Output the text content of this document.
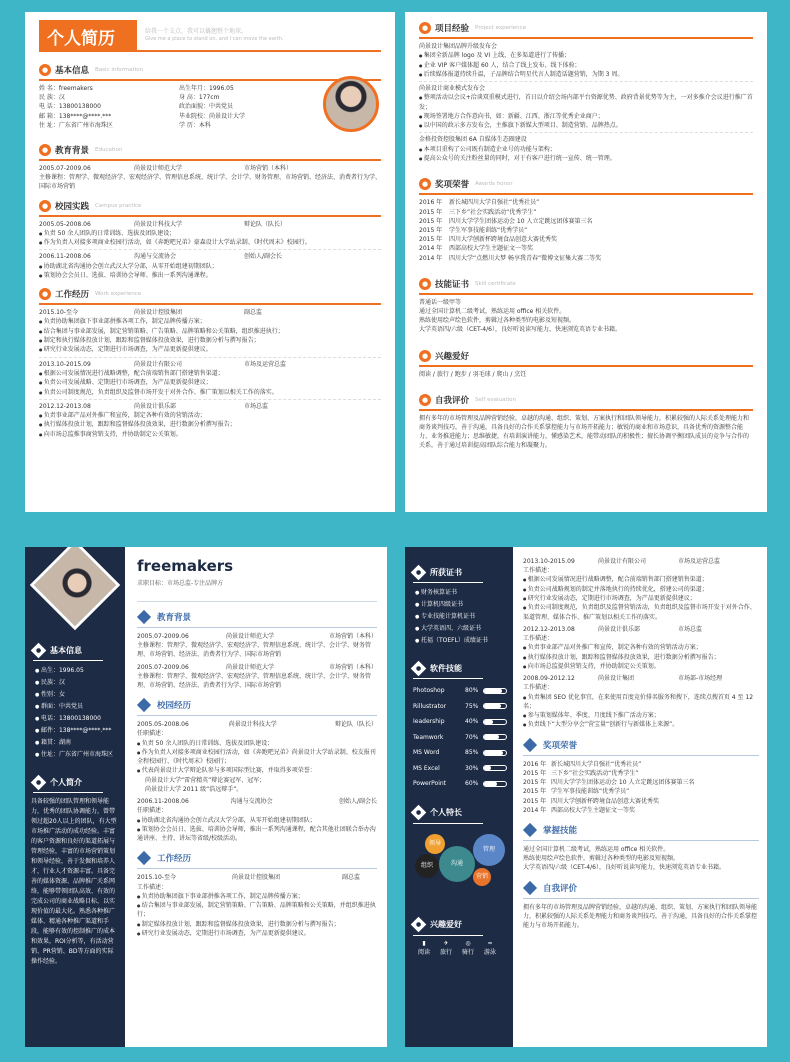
个人简历	给我一个支点，我可以撬翘整个地球。
Give me a place to stand on, and I can move the earth.
● 基本信息 Basic information
姓 名：freemakers
民 族：汉
电 话：13800138000
邮 箱：138****@****.***
住 址：广东省广州市海珠区
出生年月：1996.05
身 高：177cm
政治面貌：中共党员
毕业院校：尚景设计大学
学 历：本科
● 教育背景 Education
2005.07-2009.06	尚景设计师范大学	市场营销（本科）
主修课程：管理学、微观经济学、宏观经济学、管理信息系统、统计学、会计学、财务管理、市场营销、经济法、消费者行为学、国际市场营销
● 校园实践 Campus practice
2005.05-2008.06	尚景设计科技大学	辩论队（队长）
● 负责 50 余人团队的日常训练、选拔及团队建设；
● 作为负责人对接多项商业校园行活动，如《奔跑吧兄弟》豪森设计大学站录制、《时代周末》校园行。
2006.11-2008.06	沟通与交流协会	创始人/副会长
● 协助湖北省沟通协会创立武汉大学分部，从零开始组建初期团队；
● 策划协会会员日、选拔、培训协会导师、推出一系列沟通课程。
● 工作经历 Work experience
2015.10-至今	尚景设计控股集团	副总监
● 负责协助集团旗下事业部拼推各项工作，制定品牌传播方案；
● 结合集团与事业部发展，制定营销策略、广告策略、品牌策略和公关策略，组织推进执行；
● 制定和执行媒体投放计划，跟踪和监督媒体投放效果，进行数据分析与撰写报告；
● 研究行业发展动态，定期进行市场调查，为产品更新提供建议。
2013.10-2015.09	尚景设计有限公司	市场及运营总监
● 根据公司发展情况进行战略调整，配合前端销售部门搭建销售渠道；
● 负责公司发展战略、定期进行市场调查，为产品更新提供建议；
● 负责公司制度规范，负责组织及监督市场开发于对外合作、推广策划以相关工作的落实。
2012.12-2013.08	尚景设计俱乐部	市场总监
● 负责事业部产品对外推广和宣传，制定各种有效的营销活动；
● 执行媒体投放计划，跟踪和监督媒体投放效果，进行数据分析撰写报告；
● 向市场总监推事商营销支持，并协助制定公关策划。
● 项目经验 Project experience
尚景设计集团品牌升级发布会
● 集团全新品牌 logo 及 VI 上线，在多渠道进行了传播；
● 企业 VIP 客户媒体超 60 人，结合了线上发布、线下体验；
● 后续媒体报道持续升温，子品牌结合明星代言人制造话题营销，为期 3 周。
尚景设计商业模式发布会
● 整项活动以会议+洽谈双重模式进行，首日以介绍会场内部平台资源优势、政府背景优势等为主，一对多推介会议进行推广首发；
● 现场签署地方合作意向书，如：新疆、江西、浙江等优秀企业商户；
● 以中国的政示多方发布会，主推旗下新媒大型项目、制造营销、品牌热点。
金格投资控股集团 6A 自媒体生态圈建设
● 本项目重构了公司既有制造企业号的功能与架构；
● 提高公众号的关注粉丝量的同时，对于有客户进行统一宣传、统一管理。
● 奖项荣誉 Awards honor
2016 年	新长城四川大学自强社“优秀社员”
2015 年	三下乡”社会实践活动“优秀学生”
2015 年	四川大学学生团体运动会 10 人立定跳远团体赛第三名
2015 年	学生军事技能训练“优秀学员”
2015 年	四川大学刨新杯跨境食品创意大赛优秀奖
2014 年	西部高校大学生主题征文一等奖
2014 年	四川大学“点燃川大梦 畅享我青春”微博文征集大赛二等奖
● 技能证书 Skill certificate
普通话一级甲等
通过全国计算机二级考试，熟练运用 office 相关软件。
熟练使用绘声绘色软件，剪辑过各种类型的电影及短视频。
大学英语四/六级（CET-4/6），良好听说读写能力，快速浏览英语专业书籍。
● 兴趣爱好
阅读 / 旅行 / 跑步 / 羽毛球 / 爬山 / 烹饪
● 自我评价 Self evaluation
拥有多年的市场管理及品牌营销经验，卓越的沟通、组织、策划、方案执行和团队领导能力，积累较强的人际关系处理能力和商务谈判技巧，善于沟通，具备良好的合作关系掌控能力与市场开拓能力；敏锐的商业和市场意识，具备优秀的资源整合能力、业务推进能力；思维敏捷，有培训演讲能力，懂感染艺术，能带动团队的积极性；擅长协调平衡团队成员的竞争与合作的关系，善于通过培训提高团队综合能力和凝聚力。
● 基本信息
● 出生：1996.05
● 民族：汉
● 性别：女
● 群面：中共党员
● 电话：13800138000
● 邮件：138****@****.***
● 籍贯：湖南
● 住址：广东省广州市海珠区
● 个人简介
具备较强的团队管理和领导能力，优秀的团队协调能力，曾带领过超20人以上的团队，有大型市场推广活动的成功经验。丰富的客户资源和良好的渠道拓展与管理经验，丰富的市场营销策划和领导经验，善于发掘和培养人才，行业人才资源丰富。具备完善的媒体资源、品牌推广关系网络，能够带领团队高效、有效的完成公司的商业战略目标，以实现价值的最大化。熟悉各种推广媒体、精通各种推广渠道和手段，能够有效的控制推广的成本和效果，ROI分析等，有活动营销、PR营销、BD等方面的实际操作经验。
freemakers
求职目标：市场总监-专注品牌方
教育背景
2005.07-2009.06	尚景设计师范大学	市场营销（本科）
主修课程：管理学、微观经济学、宏观经济学、管理信息系统、统计学、会计学、财务管理、市场营销、经济法、消费者行为学、国际市场营销
2005.07-2009.06	尚景设计师范大学	市场营销（本科）
主修课程：管理学、微观经济学、宏观经济学、管理信息系统、统计学、会计学、财务管理、市场营销、经济法、消费者行为学、国际市场营销
校园经历
2005.05-2008.06	尚景设计科技大学	辩论队（队长）
任职描述：
● 负责 50 余人团队的日常训练、选拔及团队建设；
● 作为负责人对接多项商业校园行活动，如《奔跑吧兄弟》尚景设计大学站录制、校友报刊全程校园行、《时代周末》校园行；
● 代表尚景设计大学辩论队参与多项国际型比赛，并取得多项荣誉：
尚景设计大学“雷营精英”辩论赛冠军、冠军；
尚景设计大学 2011 级“浩远辩手”。
2006.11-2008.06	沟通与交流协会	创始人/副会长
任职描述：
● 协助湖北省沟通协会创立武汉大学分部，从零开始组建初期团队；
● 策划协会会员日、选拔、培训协会导师，推出一系列沟通课程，配合其他社团联合举办沟通讲座、主持、讲坛等省级/校级活动。
工作经历
2015.10-至今	尚景设计控股集团	副总监
工作描述：
● 负责协助集团旗下事业部拼推各项工作，制定品牌传播方案；
● 结合集团与事业部发展，制定营销策略、广告策略、品牌策略和公关策略，并组织推进执行；
● 制定媒体投放计划，跟踪和监督媒体投放效果，进行数据分析与撰写报告；
● 研究行业发展动态，定期进行市场调查，为产品更新提供建议。
● 所获证书
● 财务核算证书
● 计算机四级证书
● 专业技能计算机证书
● 大学英语四、六级证书
● 托福（TOEFL）成绩证书
● 软件技能
Photoshop	80%
Rillustrator	75%
Ieadership	40%
Teamwork	70%
MS Word	85%
MS Excel	30%
PowerPoint	60%
● 个人特长
领导
组织	沟通
管理
营销
● 兴趣爱好
▮
阅读
✈
旅行
◎
骑行
≈
游泳
2013.10-2015.09	尚景设计有限公司	市场及运营总监
工作描述：
● 根据公司发展情况进行战略调整，配合前端销售部门搭建销售渠道；
● 负责公司战略规划的制定并落地执行的持续优化，搭建公司的渠道；
● 研究行业发展动态，定期进行市场调查，为产品更新提供建议；
● 负责公司制度规范，负责组织及监督营销活动，负责组织及监督市场开发于对外合作、渠道管理、媒体合作、推广策划以相关工作的落实。
2012.12-2013.08	尚景设计俱乐部	市场总监
工作描述：
● 负责事业部产品对外推广和宣传，制定各种有效的营销活动方案；
● 执行媒体投放计划，跟踪和监督媒体投放效果，进行数据分析撰写报告；
● 向市场总监提供营销支持，并协助制定公关策划。
2008.09-2012.12	尚景设计集团	市场部-市场经理
工作描述：
● 负责集团 SEO 优化事宜，在来使用百度竞价排名服务和搜下，连续点搜首页 4 至 12 名；
● 参与策划媒体年、季度、月度线下推广活动方案；
● 负责线下“大型分享会”营宝量“创新行与新媒体上来源”。
奖项荣誉
2016 年 新长城四川大学自强社“优秀社员”
2015 年 三下乡”社会实践活动“优秀学生”
2015 年 四川大学学生团体运动会 10 人立定跳远团体赛第三名
2015 年 学生军事技能训练“优秀学员”
2015 年 四川大学刨新杯跨境食品创意大赛优秀奖
2014 年 西部高校大学生主题征文一等奖
掌握技能
通过全国计算机二级考试，熟练运用 office 相关软件。
熟练使用绘声绘色软件，剪辑过各种类型的电影及短视频。
大学英语四/六级（CET-4/6），良好听说读写能力，快速浏览英语专业书籍。
自我评价
拥有多年的市场管理及品牌营销经验，卓越的沟通、组织、策划、方案执行和团队领导能力，积累较强的人际关系处理能力和商务谈判技巧，善于沟通，具备良好的合作关系掌控能力与市场开拓能力。
